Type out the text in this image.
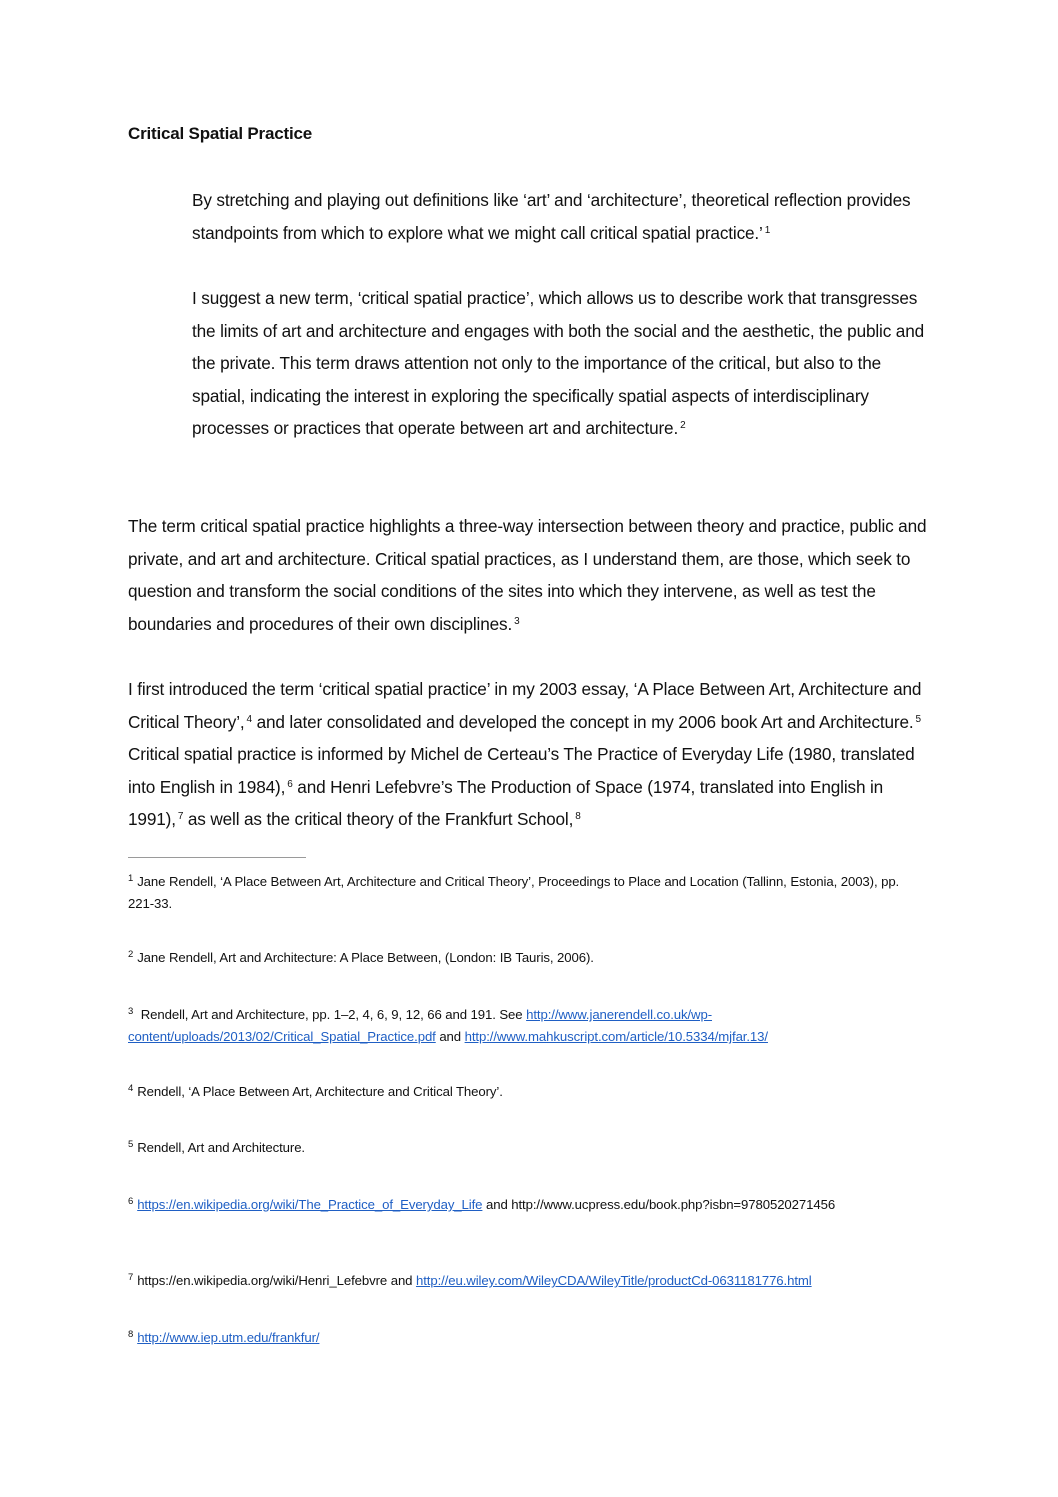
Critical Spatial Practice
By stretching and playing out definitions like ‘art’ and ‘architecture’, theoretical reflection provides standpoints from which to explore what we might call critical spatial practice.’ $^1$
I suggest a new term, ‘critical spatial practice’, which allows us to describe work that transgresses the limits of art and architecture and engages with both the social and the aesthetic, the public and the private. This term draws attention not only to the importance of the critical, but also to the spatial, indicating the interest in exploring the specifically spatial aspects of interdisciplinary processes or practices that operate between art and architecture. $^2$
The term critical spatial practice highlights a three-way intersection between theory and practice, public and private, and art and architecture. Critical spatial practices, as I understand them, are those, which seek to question and transform the social conditions of the sites into which they intervene, as well as test the boundaries and procedures of their own disciplines. $^3$
I first introduced the term ‘critical spatial practice’ in my 2003 essay, ‘A Place Between Art, Architecture and Critical Theory’, $^4$ and later consolidated and developed the concept in my 2006 book Art and Architecture. $^5$ Critical spatial practice is informed by Michel de Certeau’s The Practice of Everyday Life (1980, translated into English in 1984), $^6$ and Henri Lefebvre’s The Production of Space (1974, translated into English in 1991), $^7$ as well as the critical theory of the Frankfurt School, $^8$
$^1$ Jane Rendell, ‘A Place Between Art, Architecture and Critical Theory’, Proceedings to Place and Location (Tallinn, Estonia, 2003), pp. 221-33.
$^2$ Jane Rendell, Art and Architecture: A Place Between, (London: IB Tauris, 2006).
$^3$ Rendell, Art and Architecture, pp. 1–2, 4, 6, 9, 12, 66 and 191. See http://www.janerendell.co.uk/wp-content/uploads/2013/02/Critical_Spatial_Practice.pdf and http://www.mahkuscript.com/article/10.5334/mjfar.13/
$^4$ Rendell, ‘A Place Between Art, Architecture and Critical Theory’.
$^5$ Rendell, Art and Architecture.
$^6$ https://en.wikipedia.org/wiki/The_Practice_of_Everyday_Life and http://www.ucpress.edu/book.php?isbn=9780520271456
$^7$ https://en.wikipedia.org/wiki/Henri_Lefebvre and http://eu.wiley.com/WileyCDA/WileyTitle/productCd-0631181776.html
$^8$ http://www.iep.utm.edu/frankfur/
